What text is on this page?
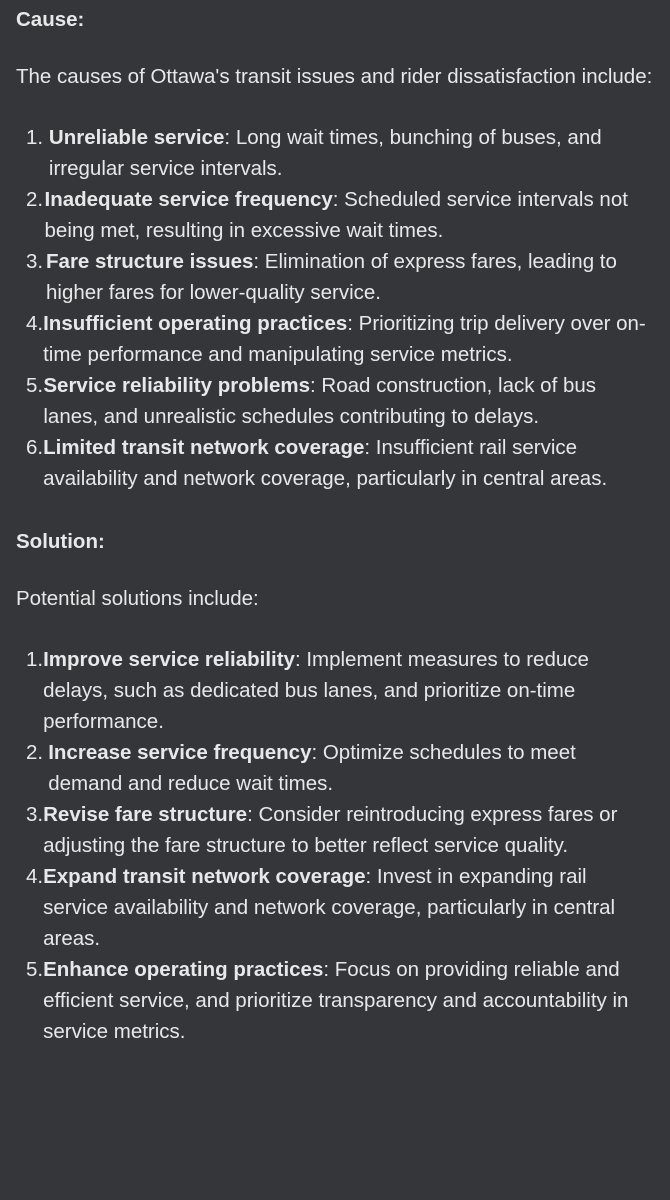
Cause:

The causes of Ottawa's transit issues and rider dissatisfaction include:

1. Unreliable service: Long wait times, bunching of buses, and irregular service intervals.
2. Inadequate service frequency: Scheduled service intervals not being met, resulting in excessive wait times.
3. Fare structure issues: Elimination of express fares, leading to higher fares for lower-quality service.
4. Insufficient operating practices: Prioritizing trip delivery over on-time performance and manipulating service metrics.
5. Service reliability problems: Road construction, lack of bus lanes, and unrealistic schedules contributing to delays.
6. Limited transit network coverage: Insufficient rail service availability and network coverage, particularly in central areas.

Solution:

Potential solutions include:

1. Improve service reliability: Implement measures to reduce delays, such as dedicated bus lanes, and prioritize on-time performance.
2. Increase service frequency: Optimize schedules to meet demand and reduce wait times.
3. Revise fare structure: Consider reintroducing express fares or adjusting the fare structure to better reflect service quality.
4. Expand transit network coverage: Invest in expanding rail service availability and network coverage, particularly in central areas.
5. Enhance operating practices: Focus on providing reliable and efficient service, and prioritize transparency and accountability in service metrics.
